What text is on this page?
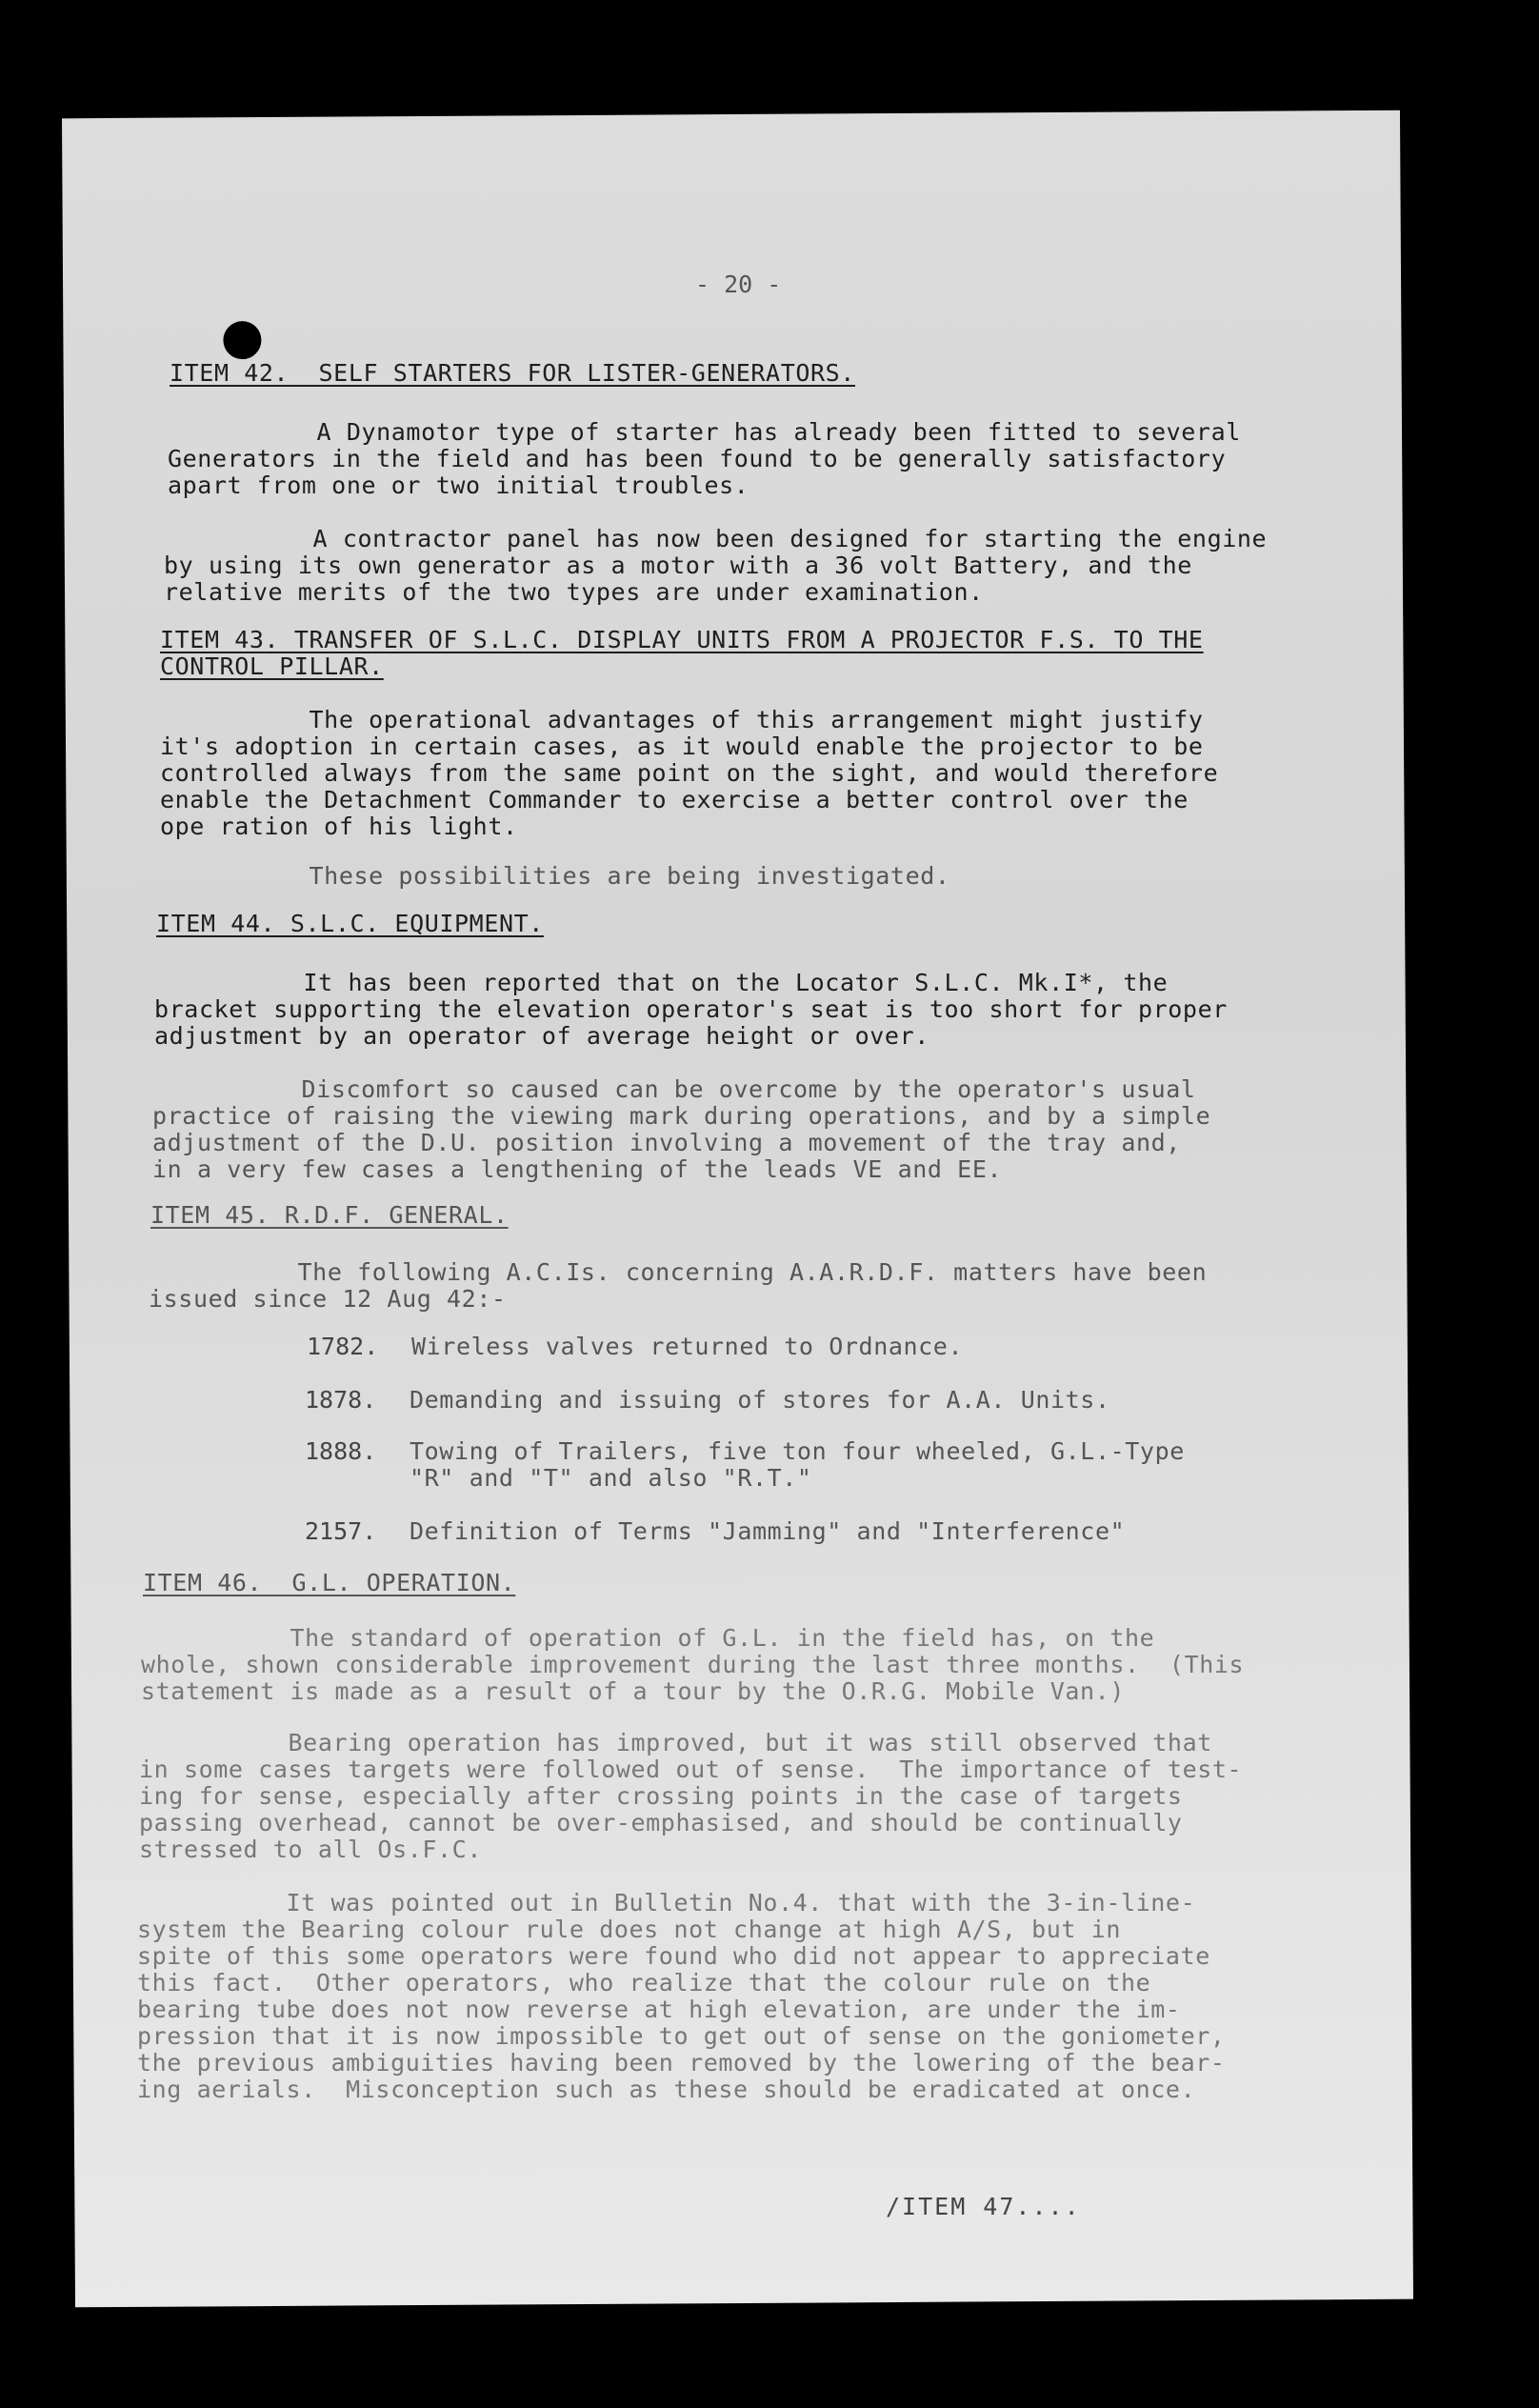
- 20 -
ITEM 42.  SELF STARTERS FOR LISTER-GENERATORS.
A Dynamotor type of starter has already been fitted to several
Generators in the field and has been found to be generally satisfactory
apart from one or two initial troubles.
A contractor panel has now been designed for starting the engine
by using its own generator as a motor with a 36 volt Battery, and the
relative merits of the two types are under examination.
ITEM 43. TRANSFER OF S.L.C. DISPLAY UNITS FROM A PROJECTOR F.S. TO THE
CONTROL PILLAR.
The operational advantages of this arrangement might justify
it's adoption in certain cases, as it would enable the projector to be
controlled always from the same point on the sight, and would therefore
enable the Detachment Commander to exercise a better control over the
ope ration of his light.
These possibilities are being investigated.
ITEM 44. S.L.C. EQUIPMENT.
It has been reported that on the Locator S.L.C. Mk.I*, the
bracket supporting the elevation operator's seat is too short for proper
adjustment by an operator of average height or over.
Discomfort so caused can be overcome by the operator's usual
practice of raising the viewing mark during operations, and by a simple
adjustment of the D.U. position involving a movement of the tray and,
in a very few cases a lengthening of the leads VE and EE.
ITEM 45. R.D.F. GENERAL.
The following A.C.Is. concerning A.A.R.D.F. matters have been
issued since 12 Aug 42:-
1782. Wireless valves returned to Ordnance.
1878. Demanding and issuing of stores for A.A. Units.
1888. Towing of Trailers, five ton four wheeled, G.L.-Type
"R" and "T" and also "R.T."
2157. Definition of Terms "Jamming" and "Interference"
ITEM 46.  G.L. OPERATION.
The standard of operation of G.L. in the field has, on the
whole, shown considerable improvement during the last three months.  (This
statement is made as a result of a tour by the O.R.G. Mobile Van.)
Bearing operation has improved, but it was still observed that
in some cases targets were followed out of sense.  The importance of test-
ing for sense, especially after crossing points in the case of targets
passing overhead, cannot be over-emphasised, and should be continually
stressed to all Os.F.C.
It was pointed out in Bulletin No.4. that with the 3-in-line-
system the Bearing colour rule does not change at high A/S, but in
spite of this some operators were found who did not appear to appreciate
this fact.  Other operators, who realize that the colour rule on the
bearing tube does not now reverse at high elevation, are under the im-
pression that it is now impossible to get out of sense on the goniometer,
the previous ambiguities having been removed by the lowering of the bear-
ing aerials.  Misconception such as these should be eradicated at once.
/ITEM 47....
